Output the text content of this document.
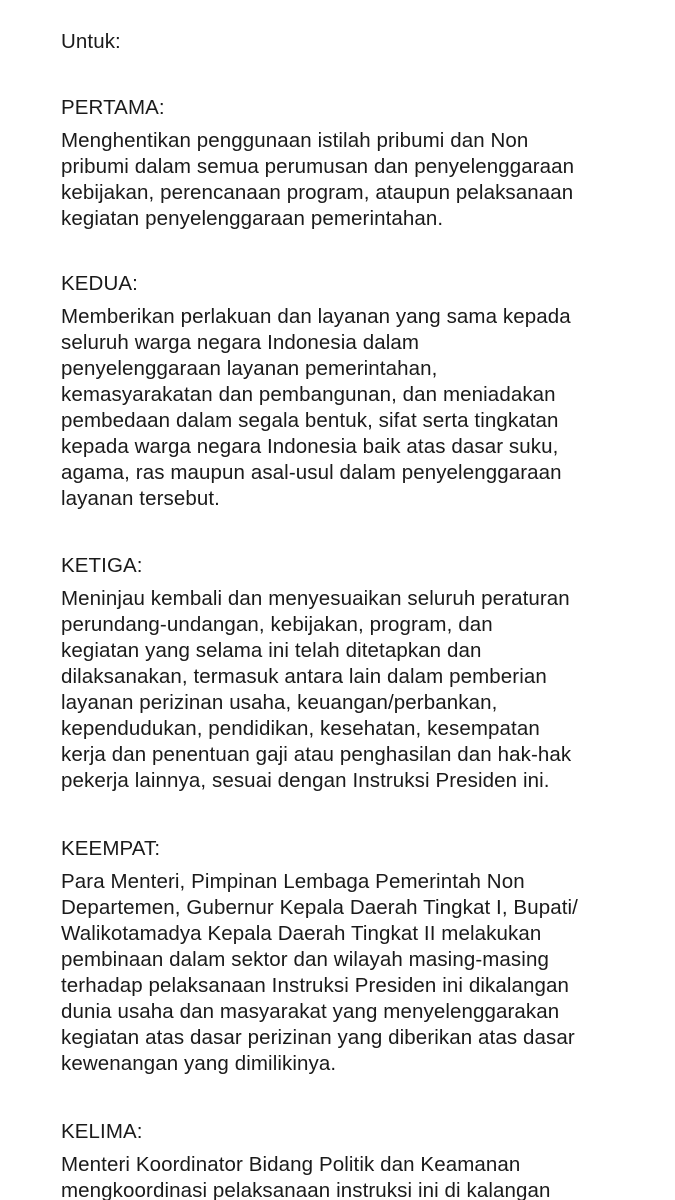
Untuk:
PERTAMA:
Menghentikan penggunaan istilah pribumi dan Non
pribumi dalam semua perumusan dan penyelenggaraan
kebijakan, perencanaan program, ataupun pelaksanaan
kegiatan penyelenggaraan pemerintahan.
KEDUA:
Memberikan perlakuan dan layanan yang sama kepada
seluruh warga negara Indonesia dalam
penyelenggaraan layanan pemerintahan,
kemasyarakatan dan pembangunan, dan meniadakan
pembedaan dalam segala bentuk, sifat serta tingkatan
kepada warga negara Indonesia baik atas dasar suku,
agama, ras maupun asal-usul dalam penyelenggaraan
layanan tersebut.
KETIGA:
Meninjau kembali dan menyesuaikan seluruh peraturan
perundang-undangan, kebijakan, program, dan
kegiatan yang selama ini telah ditetapkan dan
dilaksanakan, termasuk antara lain dalam pemberian
layanan perizinan usaha, keuangan/perbankan,
kependudukan, pendidikan, kesehatan, kesempatan
kerja dan penentuan gaji atau penghasilan dan hak-hak
pekerja lainnya, sesuai dengan Instruksi Presiden ini.
KEEMPAT:
Para Menteri, Pimpinan Lembaga Pemerintah Non
Departemen, Gubernur Kepala Daerah Tingkat I, Bupati/
Walikotamadya Kepala Daerah Tingkat II melakukan
pembinaan dalam sektor dan wilayah masing-masing
terhadap pelaksanaan Instruksi Presiden ini dikalangan
dunia usaha dan masyarakat yang menyelenggarakan
kegiatan atas dasar perizinan yang diberikan atas dasar
kewenangan yang dimilikinya.
KELIMA:
Menteri Koordinator Bidang Politik dan Keamanan
mengkoordinasi pelaksanaan instruksi ini di kalangan
